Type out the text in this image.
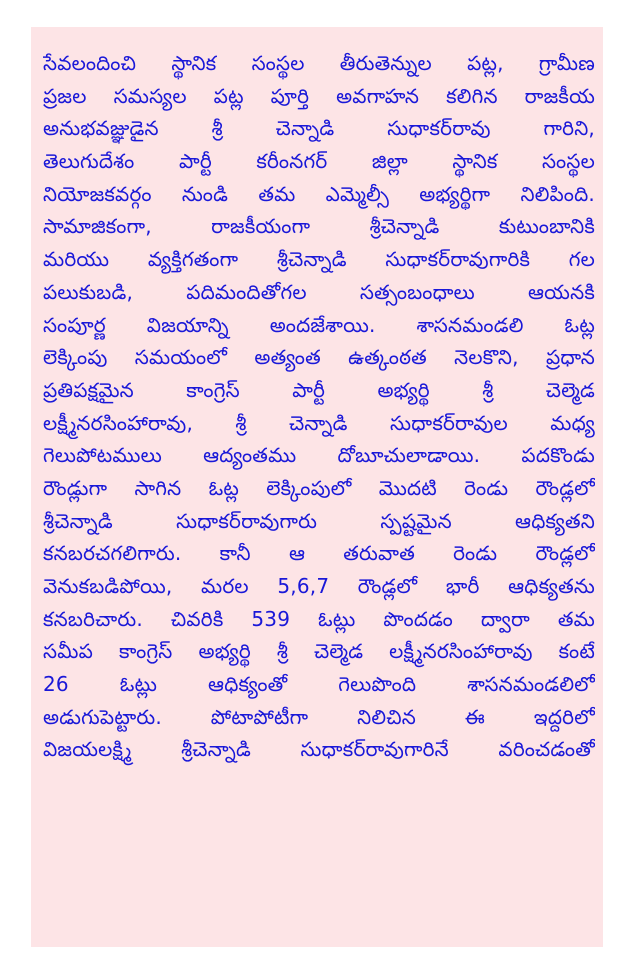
సేవలందించి స్థానిక సంస్థల తీరుతెన్నుల పట్ల, గ్రామీణ
ప్రజల సమస్యల పట్ల పూర్తి అవగాహన కలిగిన రాజకీయ
అనుభవజ్ఞుడైన శ్రీ చెన్నాడి సుధాకర్‌రావు గారిని,
తెలుగుదేశం పార్టీ కరీంనగర్ జిల్లా స్థానిక సంస్థల
నియోజకవర్గం నుండి తమ ఎమ్మెల్సీ అభ్యర్థిగా నిలిపింది.
సామాజికంగా, రాజకీయంగా శ్రీచెన్నాడి కుటుంబానికి
మరియు వ్యక్తిగతంగా శ్రీచెన్నాడి సుధాకర్‌రావుగారికి గల
పలుకుబడి, పదిమందితోగల సత్సంబంధాలు ఆయనకి
సంపూర్ణ విజయాన్ని అందజేశాయి. శాసనమండలి ఓట్ల
లెక్కింపు సమయంలో అత్యంత ఉత్కంఠత నెలకొని, ప్రధాన
ప్రతిపక్షమైన కాంగ్రెస్ పార్టీ అభ్యర్థి శ్రీ చెల్మెడ
లక్ష్మీనరసింహారావు, శ్రీ చెన్నాడి సుధాకర్‌రావుల మధ్య
గెలుపోటములు ఆద్యంతము దోబూచులాడాయి. పదకొండు
రౌండ్లుగా సాగిన ఓట్ల లెక్కింపులో మొదటి రెండు రౌండ్లలో
శ్రీచెన్నాడి సుధాకర్‌రావుగారు స్పష్టమైన ఆధిక్యతని
కనబరచగలిగారు. కానీ ఆ తరువాత రెండు రౌండ్లలో
వెనుకబడిపోయి, మరల 5,6,7 రౌండ్లలో భారీ ఆధిక్యతను
కనబరిచారు. చివరికి 539 ఓట్లు పొందడం ద్వారా తమ
సమీప కాంగ్రెస్ అభ్యర్థి శ్రీ చెల్మెడ లక్ష్మీనరసింహారావు కంటే
26 ఓట్లు ఆధిక్యంతో గెలుపొంది శాసనమండలిలో
అడుగుపెట్టారు. పోటాపోటీగా నిలిచిన ఈ ఇద్దరిలో
విజయలక్ష్మి శ్రీచెన్నాడి సుధాకర్‌రావుగారినే వరించడంతో
